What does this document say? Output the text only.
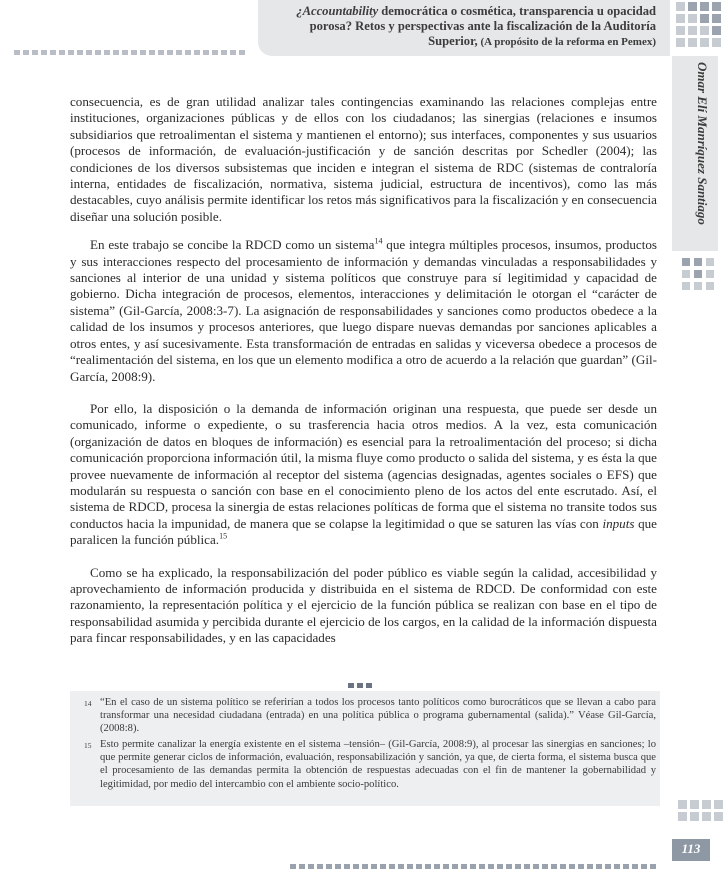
¿Accountability democrática o cosmética, transparencia u opacidad
porosa? Retos y perspectivas ante la fiscalización de la Auditoría
Superior, (A propósito de la reforma en Pemex)
Omar Elí Manríquez Santiago

consecuencia, es de gran utilidad analizar tales contingencias examinando las relaciones complejas entre instituciones, organizaciones públicas y de ellos con los ciudadanos; las sinergias (relaciones e insumos subsidiarios que retroalimentan el sistema y mantienen el entorno); sus interfaces, componentes y sus usuarios (procesos de información, de evaluación-justificación y de sanción descritas por Schedler (2004); las condiciones de los diversos subsistemas que inciden e integran el sistema de RDC (sistemas de contraloría interna, entidades de fiscalización, normativa, sistema judicial, estructura de incentivos), como las más destacables, cuyo análisis permite identificar los retos más significativos para la fiscalización y en consecuencia diseñar una solución posible.

En este trabajo se concibe la RDCD como un sistema$^{14}$ que integra múltiples procesos, insumos, productos y sus interacciones respecto del procesamiento de información y demandas vinculadas a responsabilidades y sanciones al interior de una unidad y sistema políticos que construye para sí legitimidad y capacidad de gobierno. Dicha integración de procesos, elementos, interacciones y delimitación le otorgan el “carácter de sistema” (Gil-García, 2008:3-7). La asignación de responsabilidades y sanciones como productos obedece a la calidad de los insumos y procesos anteriores, que luego dispare nuevas demandas por sanciones aplicables a otros entes, y así sucesivamente. Esta transformación de entradas en salidas y viceversa obedece a procesos de “realimentación del sistema, en los que un elemento modifica a otro de acuerdo a la relación que guardan” (Gil-García, 2008:9).

Por ello, la disposición o la demanda de información originan una respuesta, que puede ser desde un comunicado, informe o expediente, o su trasferencia hacia otros medios. A la vez, esta comunicación (organización de datos en bloques de información) es esencial para la retroalimentación del proceso; si dicha comunicación proporciona información útil, la misma fluye como producto o salida del sistema, y es ésta la que provee nuevamente de información al receptor del sistema (agencias designadas, agentes sociales o EFS) que modularán su respuesta o sanción con base en el conocimiento pleno de los actos del ente escrutado. Así, el sistema de RDCD, procesa la sinergia de estas relaciones políticas de forma que el sistema no transite todos sus conductos hacia la impunidad, de manera que se colapse la legitimidad o que se saturen las vías con inputs que paralicen la función pública.$^{15}$

Como se ha explicado, la responsabilización del poder público es viable según la calidad, accesibilidad y aprovechamiento de información producida y distribuida en el sistema de RDCD. De conformidad con este razonamiento, la representación política y el ejercicio de la función pública se realizan con base en el tipo de responsabilidad asumida y percibida durante el ejercicio de los cargos, en la calidad de la información dispuesta para fincar responsabilidades, y en las capacidades

14 “En el caso de un sistema político se referirían a todos los procesos tanto políticos como burocráticos que se llevan a cabo para transformar una necesidad ciudadana (entrada) en una política pública o programa gubernamental (salida).” Véase Gil-García, (2008:8).
15 Esto permite canalizar la energía existente en el sistema –tensión– (Gil-García, 2008:9), al procesar las sinergias en sanciones; lo que permite generar ciclos de información, evaluación, responsabilización y sanción, ya que, de cierta forma, el sistema busca que el procesamiento de las demandas permita la obtención de respuestas adecuadas con el fin de mantener la gobernabilidad y legitimidad, por medio del intercambio con el ambiente socio-político.
113
